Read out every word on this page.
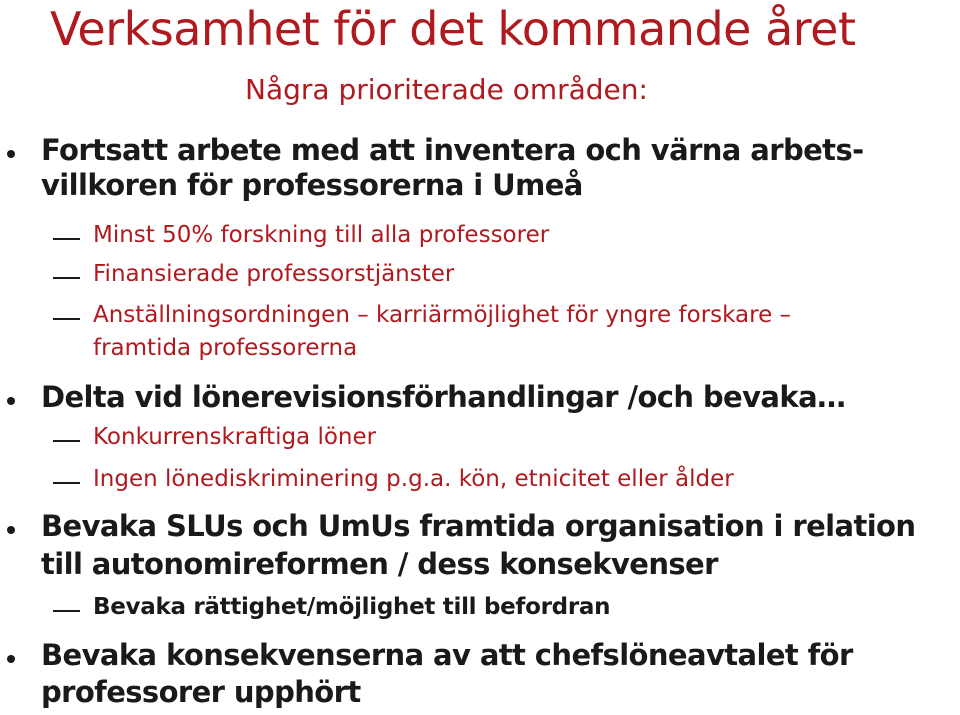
Verksamhet för det kommande året
Några prioriterade områden:
Fortsatt arbete med att inventera och värna arbets-
villkoren för professorerna i Umeå
Minst 50% forskning till alla professorer
Finansierade professorstjänster
Anställningsordningen – karriärmöjlighet för yngre forskare –
framtida professorerna
Delta vid lönerevisionsförhandlingar /och bevaka…
Konkurrenskraftiga löner
Ingen lönediskriminering p.g.a. kön, etnicitet eller ålder
Bevaka SLUs och UmUs framtida organisation i relation
till autonomireformen / dess konsekvenser
Bevaka rättighet/möjlighet till befordran
Bevaka konsekvenserna av att chefslöneavtalet för
professorer upphört
